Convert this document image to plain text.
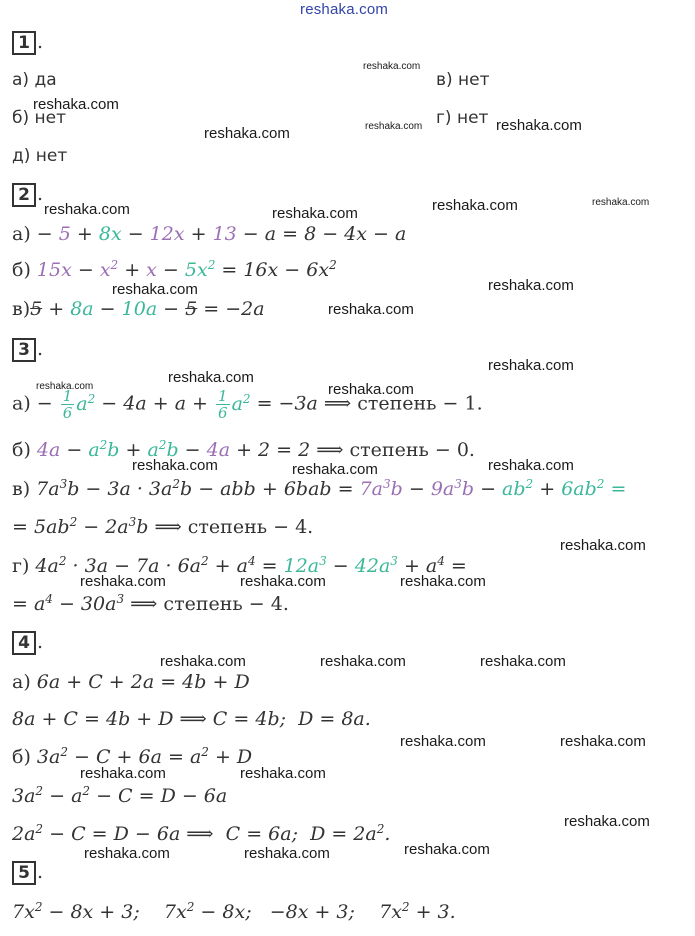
reshaka.com
1 .
а) да
б) нет
д) нет
в) нет
г) нет
2 .
а) − 5 + 8x − 12x + 13 − a = 8 − 4x − a
б) $15x - x^2 + x - 5x^2 = 16x - 6x^2$
в)5 + 8a − 10a − 5 = −2a
3 .
$а) - \frac{1}{6} a^2 - 4a + a + \frac{1}{6} a^2 = -3a$ ⟹ степень − 1.
б) $4a - a^2b + a^2b - 4a + 2 = 2$ ⟹ степень − 0.
в) $7a^3b - 3a \cdot 3a^2b$ − abb + $6bab = 7a^3b - 9a^3b - ab^2 + 6ab^2$ =
= $5ab^2 - 2a^3b$ ⟹ степень − 4.
г) $4a^2 \cdot 3a - 7a \cdot 6a^2 + a^4 = 12a^3 - 42a^3 + a^4$ =
= $a^4 - 30a^3$ ⟹ степень − 4.
4 .
а) 6a + C + 2a = 4b + D
8a + C = 4b + D ⟹ C = 4b;  D = 8a.
б) $3a^2 - C + 6a = a^2 + D$
$3a^2 - a^2 - C = D - 6a$
$2a^2 - C = D - 6a$ ⟹  C = 6a;  $D = 2a^2$.
5 .
$7x^2 - 8x + 3$;    $7x^2 - 8x$;   −8x + 3;    $7x^2 + 3$.
reshaka.com
reshaka.com
reshaka.com	reshaka.com	reshaka.com
reshaka.com	reshaka.com	reshaka.com	reshaka.com
reshaka.com	reshaka.com
reshaka.com
reshaka.com
reshaka.com
reshaka.com
reshaka.com
reshaka.com	reshaka.com	reshaka.com
reshaka.com
reshaka.com	reshaka.com	reshaka.com
reshaka.com	reshaka.com	reshaka.com
reshaka.com	reshaka.com
reshaka.com	reshaka.com
reshaka.com
reshaka.com	reshaka.com	reshaka.com
